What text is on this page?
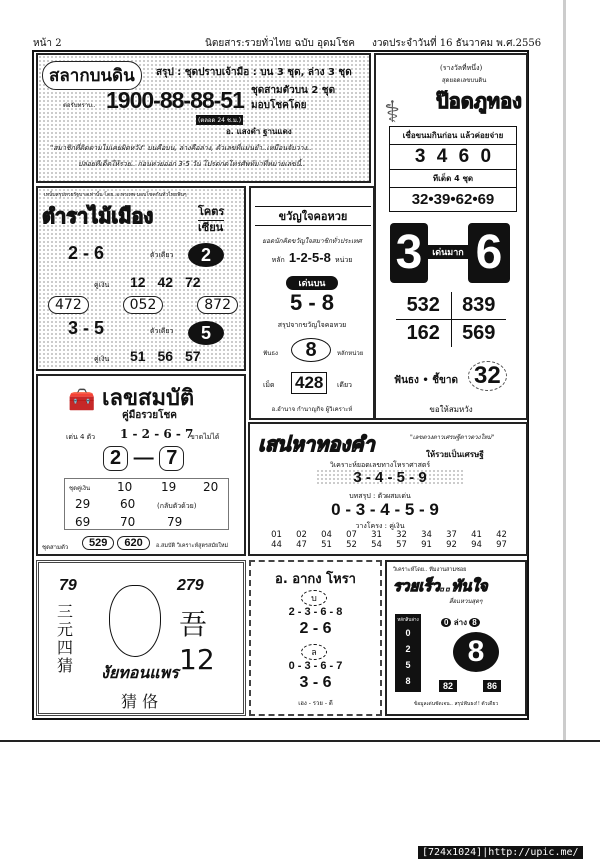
หน้า 2	นิตยสาร:รวยทั่วไทย ฉบับ อุดมโชค งวดประจำวันที่ 16 ธันวาคม พ.ศ.2556
สลากบนดิน	สรุป : ชุดปราบเจ้ามือ : บน 3 ชุด, ล่าง 3 ชุด
ชุดสามตัวบน 2 ชุด
มอบโชคโดย
ต่อรับทราบ.. 1900-88-88-51
(ตลอด 24 ช.ม.)
อ. แสงดำ ฐานแดง
"สมาชิกที่ติดตามไม่เคยผิดหวัง" บนคือบน, ล่างคือล่าง, ตัวเลขที่แม่นยำ..เหมือนจับวาง..
ปล่อยทีเด็ดให้รวย.. ก่อนหวยออก 3-5 วัน โปรดกดโทรศัพท์มาที่หมายเลขนี้..
(รางวัลที่หนึ่ง)
สุดยอดเลขบนดิน
ป๊อดภูทอง
⚕
เชื่อขนมกินก่อน แล้วค่อยจ่าย
3 4 6 0
ทีเด็ด 4 ชุด
32•39•62•69
3	เด่นมาก 6
532	839
162	569
ฟันธง • ชี้ขาด 32
ขอให้สมหวัง
เหน็บสรุปหวยรัฐบาลเท่านั้น โดย..อ.พรเทพ มอบโชคกันทั่วไทยฟันๆ
ตำราไม้เมือง	โคตร
เซียน
2 - 6	ตัวเดียว	2
คู่เงิน 12 42 72
472	052	872
3 - 5	ตัวเดียว	5
คู่เงิน 51 56 57
ขวัญใจคอหวย
ยอดนักคิดขวัญใจสมาชิกทั่วประเทศ
หลัก 1-2-5-8 หน่วย
เด่นบน
5 - 8
สรุปจากขวัญใจคอหวย
ฟันธง	8	หลักหน่วย
เม็ด 428	เดียว
อ.อำนาจ กำนาญกิจ ผู้วิเคราะห์
🧰 เลขสมบัติ
คู่มือรวยโชค
เด่น 4 ตัว 1 - 2 - 6 - 7
ขาดไม่ได้
2 — 7
ชุดคู่เงิน 10 19 20
29 60	(กลับตัวด้วย)
69 70	79
ชุดสามตัว	529 620	อ.สมบัติ วิเคราะห์สูตรสมัยใหม่
เสน่หาทองคำ	"เลขดวงดาวเศรษฐีดาวดวงใหม่"
ให้รวยเป็นเศรษฐี
วิเคราะห์ยอดเลขทางโหราศาสตร์
3 - 4 - 5 - 9
บทสรุป : ตัวผสมเด่น
0 - 3 - 4 - 5 - 9
วางโครง : คู่เงิน
01	02	04	07	31	32	34	37	41	42
44	47	51	52	54	57	91	92	94	97
79	279
三元四猜
吾 12
งัยทอนแพร
猜 佫
อ. อากง โหรา
บ
2 - 3 - 6 - 8
2 - 6
ล
0 - 3 - 6 - 7
3 - 6
เฮง - รวย - ดี
วิเคราะห์โดย.. ทีมงานสามซอย
รวยเร็ว..ทันใจ
สื่อแหวนสุดๆ
หลักสิบล่าง
0
2
5
8
0 ล่าง 8
8
82	86
ข้อมูลเด่นชัดเจน.. สรุปฟันธง!! ตัวเดียว
[724x1024]|http://upic.me/
